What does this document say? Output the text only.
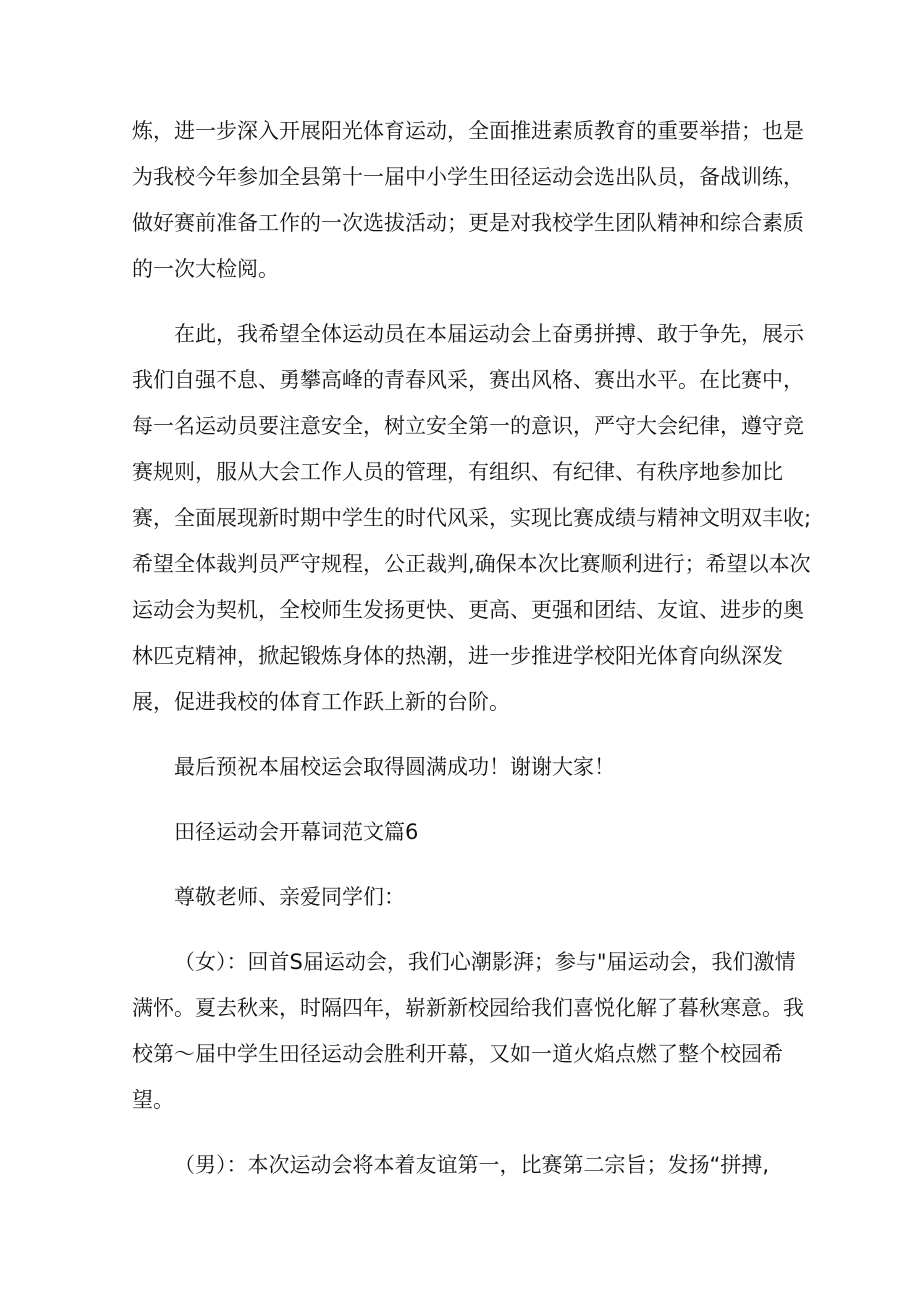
炼，进一步深入开展阳光体育运动，全面推进素质教育的重要举措；也是
为我校今年参加全县第十一届中小学生田径运动会选出队员，备战训练，
做好赛前准备工作的一次选拔活动；更是对我校学生团队精神和综合素质
的一次大检阅。

在此，我希望全体运动员在本届运动会上奋勇拼搏、敢于争先，展示
我们自强不息、勇攀高峰的青春风采，赛出风格、赛出水平。在比赛中，
每一名运动员要注意安全，树立安全第一的意识，严守大会纪律，遵守竞
赛规则，服从大会工作人员的管理，有组织、有纪律、有秩序地参加比
赛，全面展现新时期中学生的时代风采，实现比赛成绩与精神文明双丰收;
希望全体裁判员严守规程，公正裁判,确保本次比赛顺利进行；希望以本次
运动会为契机，全校师生发扬更快、更高、更强和团结、友谊、进步的奥
林匹克精神，掀起锻炼身体的热潮，进一步推进学校阳光体育向纵深发
展，促进我校的体育工作跃上新的台阶。

最后预祝本届校运会取得圆满成功！谢谢大家！

田径运动会开幕词范文篇6

尊敬老师、亲爱同学们：

（女）：回首S届运动会，我们心潮影湃；参与"届运动会，我们激情
满怀。夏去秋来，时隔四年，崭新新校园给我们喜悦化解了暮秋寒意。我
校第〜届中学生田径运动会胜利开幕，又如一道火焰点燃了整个校园希
望。

（男）：本次运动会将本着友谊第一，比赛第二宗旨；发扬“拼搏,
